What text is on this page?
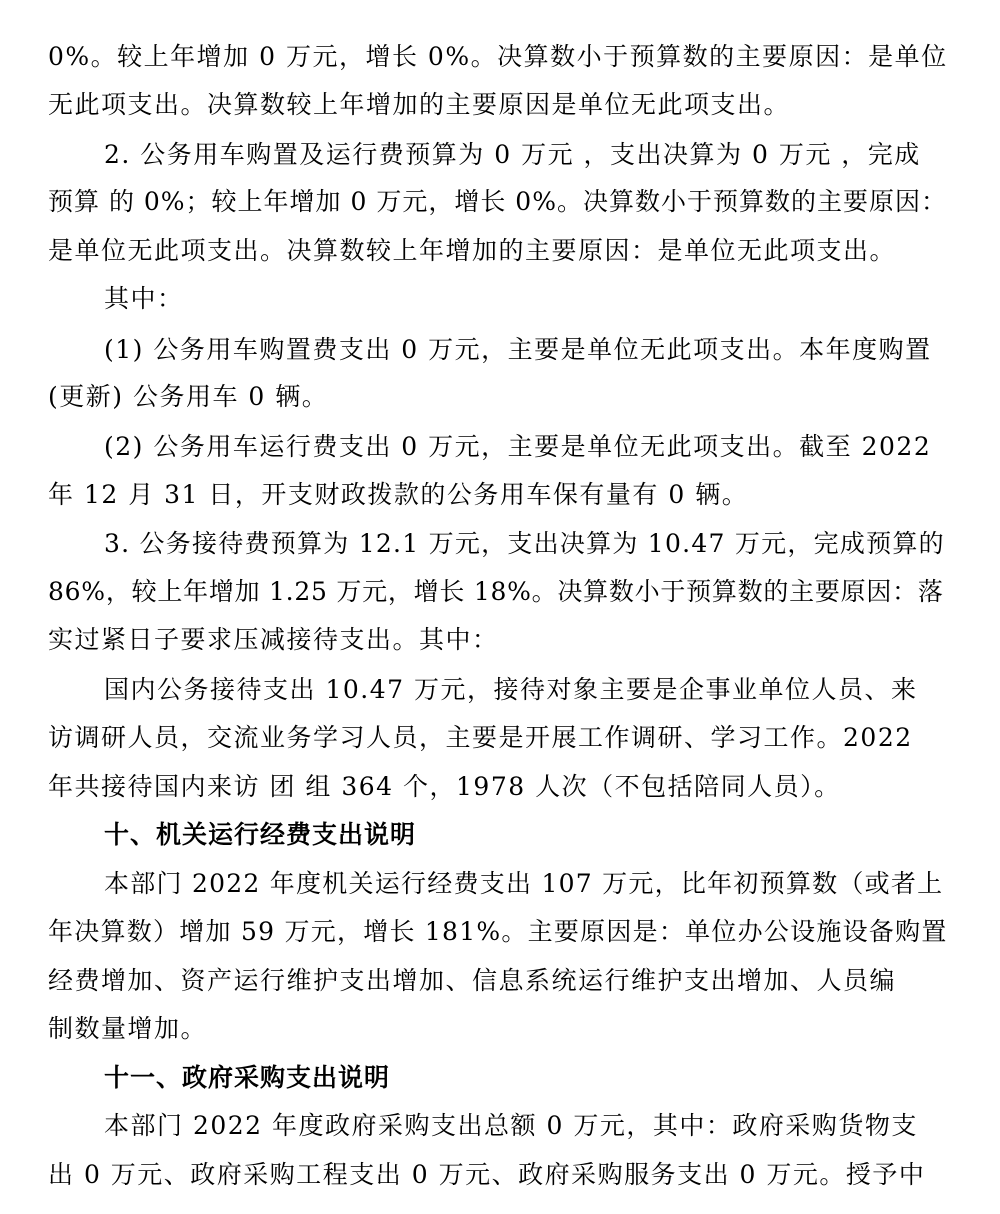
0%。较上年增加 0 万元，增长 0%。决算数小于预算数的主要原因：是单位
无此项支出。决算数较上年增加的主要原因是单位无此项支出。
2. 公务用车购置及运行费预算为 0 万元 ，支出决算为 0 万元 ，完成
预算 的 0%；较上年增加 0 万元，增长 0%。决算数小于预算数的主要原因：
是单位无此项支出。决算数较上年增加的主要原因：是单位无此项支出。
其中：
(1) 公务用车购置费支出 0 万元，主要是单位无此项支出。本年度购置
(更新) 公务用车 0 辆。
(2) 公务用车运行费支出 0 万元，主要是单位无此项支出。截至 2022
年 12 月 31 日，开支财政拨款的公务用车保有量有 0 辆。
3. 公务接待费预算为 12.1 万元，支出决算为 10.47 万元，完成预算的
86%，较上年增加 1.25 万元，增长 18%。决算数小于预算数的主要原因：落
实过紧日子要求压减接待支出。其中：
国内公务接待支出 10.47 万元，接待对象主要是企事业单位人员、来
访调研人员，交流业务学习人员，主要是开展工作调研、学习工作。2022
年共接待国内来访 团 组 364 个，1978 人次（不包括陪同人员）。
十、机关运行经费支出说明
本部门 2022 年度机关运行经费支出 107 万元，比年初预算数（或者上
年决算数）增加 59 万元，增长 181%。主要原因是：单位办公设施设备购置
经费增加、资产运行维护支出增加、信息系统运行维护支出增加、人员编
制数量增加。
十一、政府采购支出说明
本部门 2022 年度政府采购支出总额 0 万元，其中：政府采购货物支
出 0 万元、政府采购工程支出 0 万元、政府采购服务支出 0 万元。授予中
